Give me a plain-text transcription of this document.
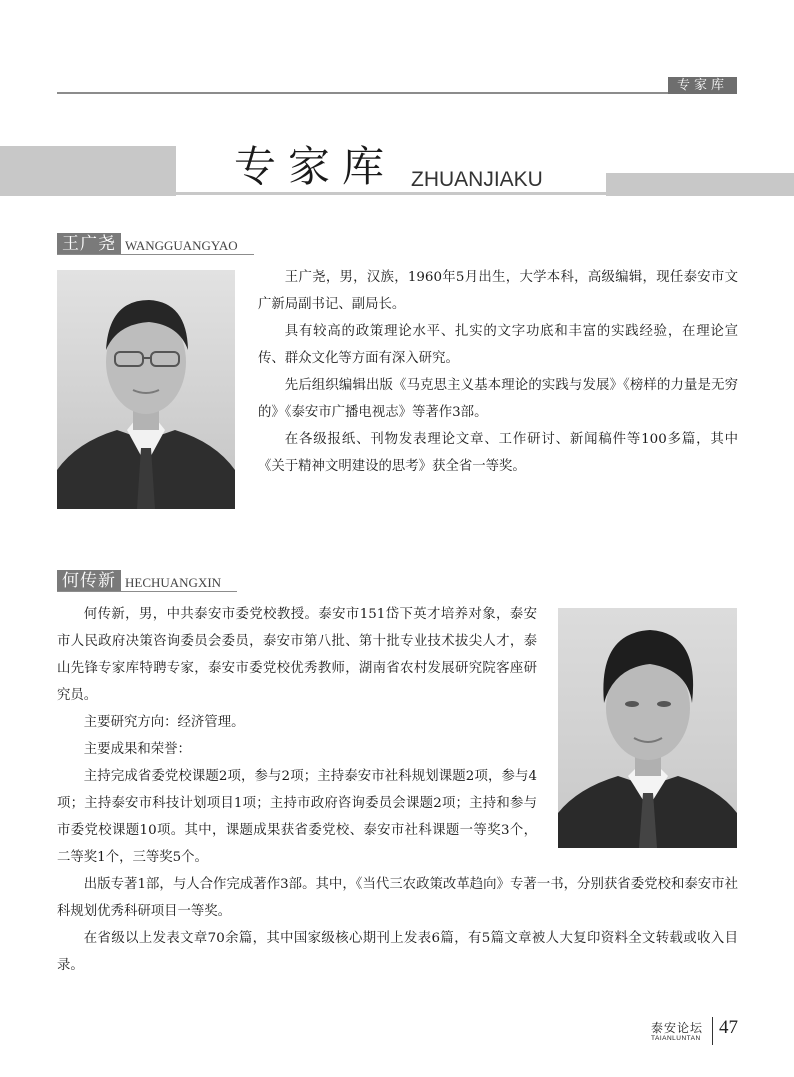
专家库
专家库 ZHUANJIAKU
王广尧 WANGGUANGYAO

王广尧，男，汉族，1960年5月出生，大学本科，高级编辑，现任泰安市文广新局副书记、副局长。

具有较高的政策理论水平、扎实的文字功底和丰富的实践经验，在理论宣传、群众文化等方面有深入研究。

先后组织编辑出版《马克思主义基本理论的实践与发展》《榜样的力量是无穷的》《泰安市广播电视志》等著作3部。

在各级报纸、刊物发表理论文章、工作研讨、新闻稿件等100多篇，其中《关于精神文明建设的思考》获全省一等奖。

何传新 HECHUANGXIN

何传新，男，中共泰安市委党校教授。泰安市151岱下英才培养对象，泰安市人民政府决策咨询委员会委员，泰安市第八批、第十批专业技术拔尖人才，泰山先锋专家库特聘专家，泰安市委党校优秀教师，湖南省农村发展研究院客座研究员。

主要研究方向：经济管理。

主要成果和荣誉：

主持完成省委党校课题2项，参与2项；主持泰安市社科规划课题2项，参与4项；主持泰安市科技计划项目1项；主持市政府咨询委员会课题2项；主持和参与市委党校课题10项。其中，课题成果获省委党校、泰安市社科课题一等奖3个，二等奖1个，三等奖5个。

出版专著1部，与人合作完成著作3部。其中，《当代三农政策改革趋向》专著一书，分别获省委党校和泰安市社科规划优秀科研项目一等奖。

在省级以上发表文章70余篇，其中国家级核心期刊上发表6篇，有5篇文章被人大复印资料全文转载或收入目录。

泰安论坛
TAIANLUNTAN
47
